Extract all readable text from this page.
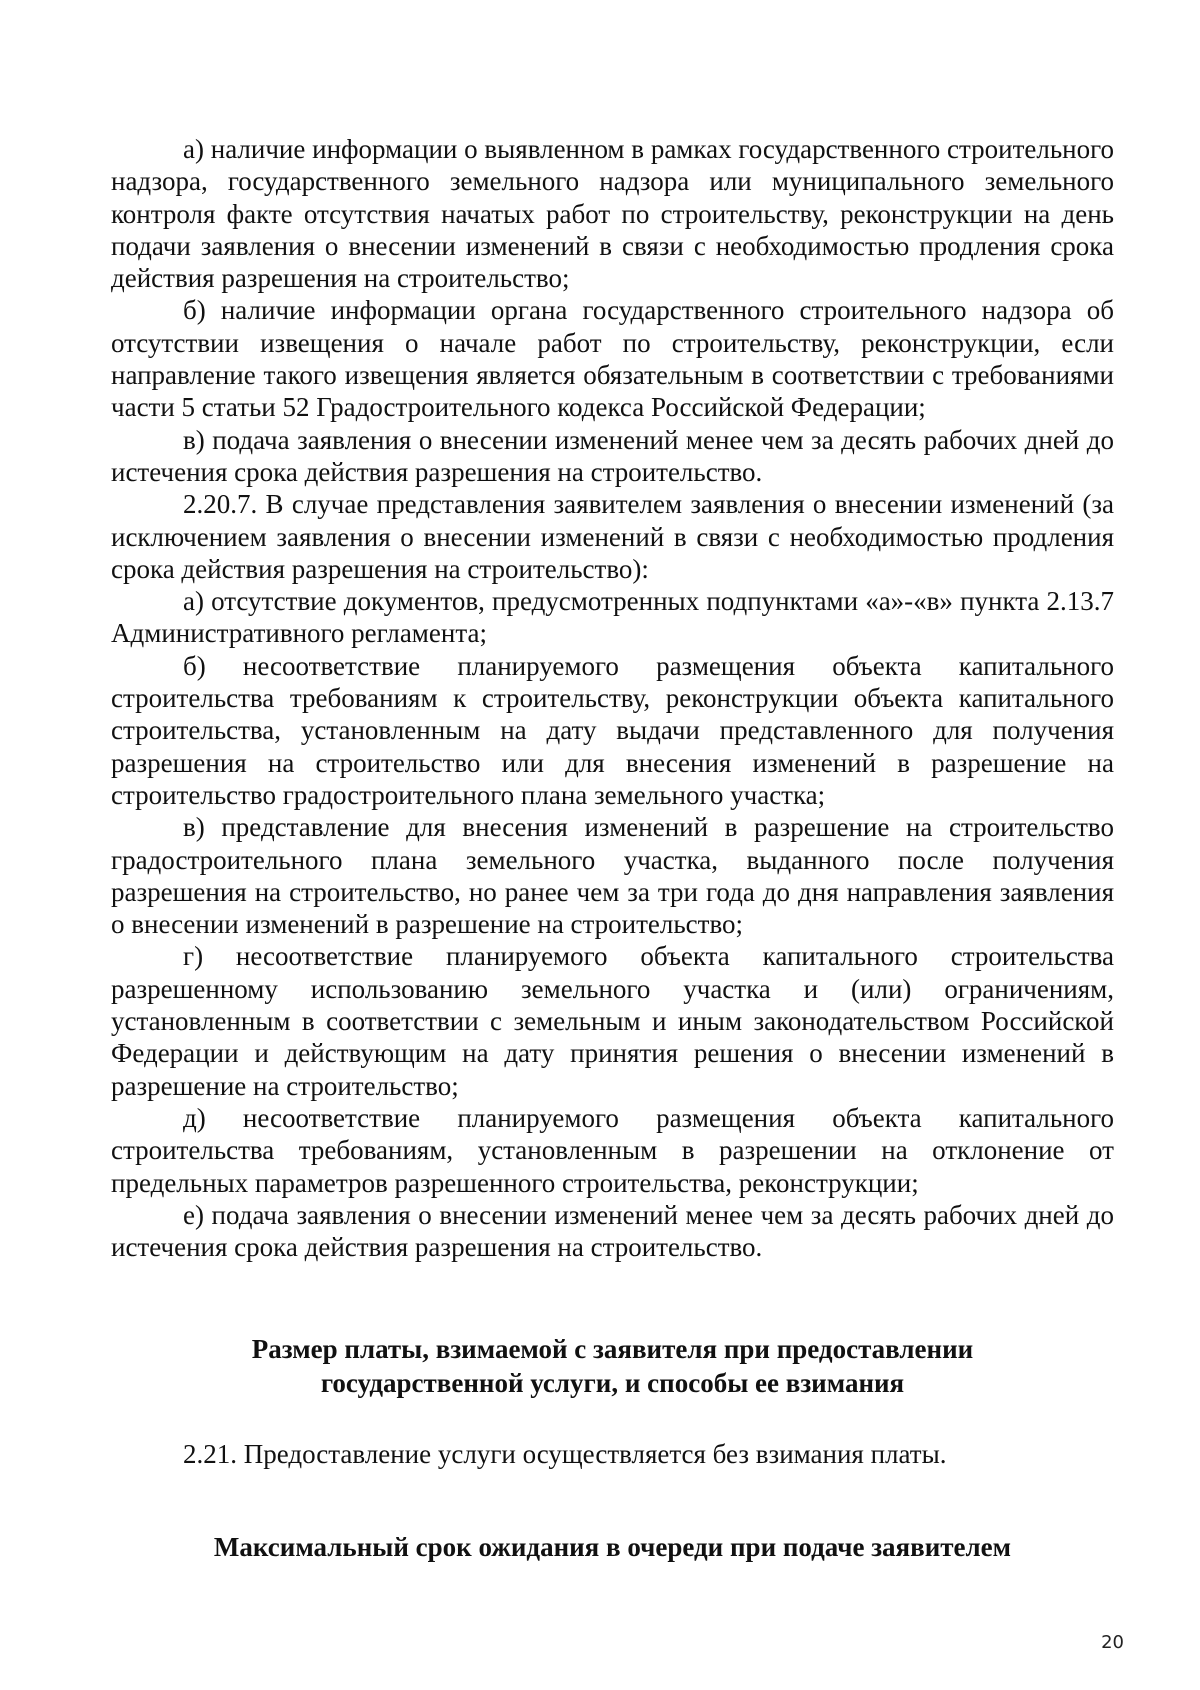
а) наличие информации о выявленном в рамках государственного строительного надзора, государственного земельного надзора или муниципального земельного контроля факте отсутствия начатых работ по строительству, реконструкции на день подачи заявления о внесении изменений в связи с необходимостью продления срока действия разрешения на строительство;

б) наличие информации органа государственного строительного надзора об отсутствии извещения о начале работ по строительству, реконструкции, если направление такого извещения является обязательным в соответствии с требованиями части 5 статьи 52 Градостроительного кодекса Российской Федерации;

в) подача заявления о внесении изменений менее чем за десять рабочих дней до истечения срока действия разрешения на строительство.

2.20.7. В случае представления заявителем заявления о внесении изменений (за исключением заявления о внесении изменений в связи с необходимостью продления срока действия разрешения на строительство):

а) отсутствие документов, предусмотренных подпунктами «а»-«в» пункта 2.13.7 Административного регламента;

б) несоответствие планируемого размещения объекта капитального строительства требованиям к строительству, реконструкции объекта капитального строительства, установленным на дату выдачи представленного для получения разрешения на строительство или для внесения изменений в разрешение на строительство градостроительного плана земельного участка;

в) представление для внесения изменений в разрешение на строительство градостроительного плана земельного участка, выданного после получения разрешения на строительство, но ранее чем за три года до дня направления заявления о внесении изменений в разрешение на строительство;

г) несоответствие планируемого объекта капитального строительства разрешенному использованию земельного участка и (или) ограничениям, установленным в соответствии с земельным и иным законодательством Российской Федерации и действующим на дату принятия решения о внесении изменений в разрешение на строительство;

д) несоответствие планируемого размещения объекта капитального строительства требованиям, установленным в разрешении на отклонение от предельных параметров разрешенного строительства, реконструкции;

е) подача заявления о внесении изменений менее чем за десять рабочих дней до истечения срока действия разрешения на строительство.

Размер платы, взимаемой с заявителя при предоставлении
государственной услуги, и способы ее взимания

2.21. Предоставление услуги осуществляется без взимания платы.

Максимальный срок ожидания в очереди при подаче заявителем
20
